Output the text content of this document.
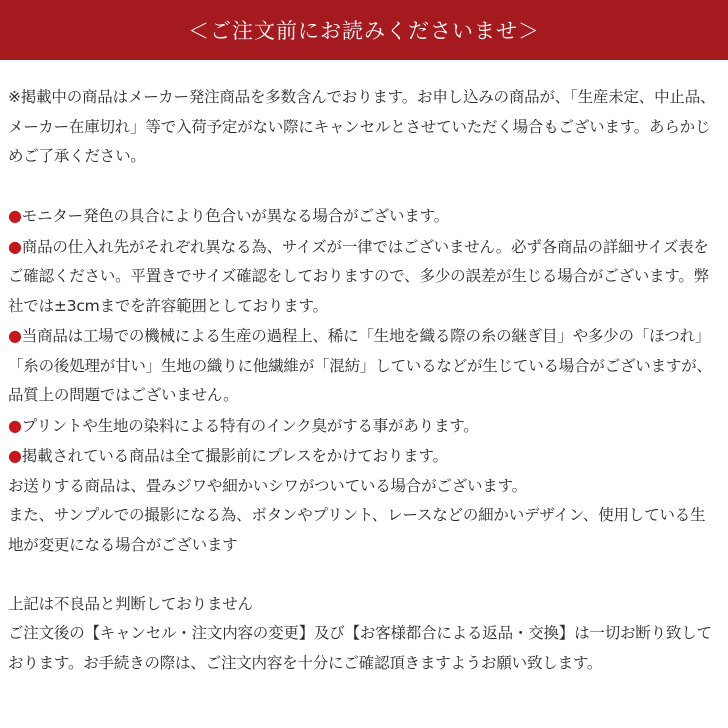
＜ご注文前にお読みくださいませ＞

※掲載中の商品はメーカー発注商品を多数含んでおります。お申し込みの商品が、「生産未定、中止品、メーカー在庫切れ」等で入荷予定がない際にキャンセルとさせていただく場合もございます。あらかじめご了承ください。

●モニター発色の具合により色合いが異なる場合がございます。

●商品の仕入れ先がそれぞれ異なる為、サイズが一律ではございません。必ず各商品の詳細サイズ表をご確認ください。平置きでサイズ確認をしておりますので、多少の誤差が生じる場合がございます。弊社では±3cmまでを許容範囲としております。

●当商品は工場での機械による生産の過程上、稀に「生地を織る際の糸の継ぎ目」や多少の「ほつれ」「糸の後処理が甘い」生地の織りに他繊維が「混紡」しているなどが生じている場合がございますが、品質上の問題ではございません。

●プリントや生地の染料による特有のインク臭がする事があります。

●掲載されている商品は全て撮影前にプレスをかけております。

お送りする商品は、畳みジワや細かいシワがついている場合がございます。

また、サンプルでの撮影になる為、ボタンやプリント、レースなどの細かいデザイン、使用している生地が変更になる場合がございます

上記は不良品と判断しておりません

ご注文後の【キャンセル・注文内容の変更】及び【お客様都合による返品・交換】は一切お断り致しております。お手続きの際は、ご注文内容を十分にご確認頂きますようお願い致します。
